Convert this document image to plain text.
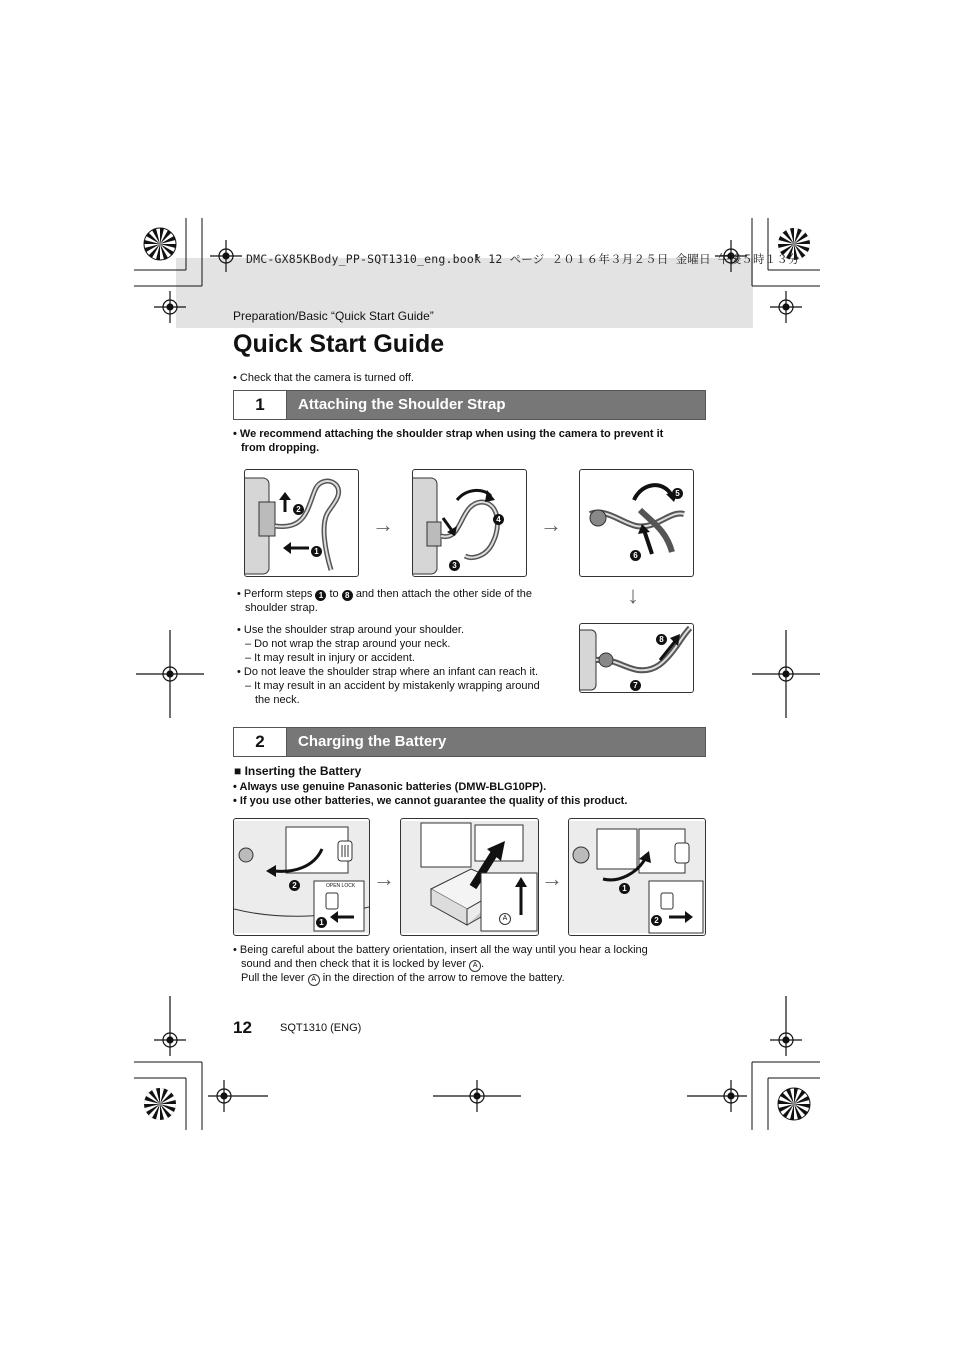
DMC-GX85KBody_PP-SQT1310_eng.book 12 ページ ２０１６年３月２５日 金曜日 午後５時１３分
Preparation/Basic “Quick Start Guide”
Quick Start Guide
• Check that the camera is turned off.
1	Attaching the Shoulder Strap
• We recommend attaching the shoulder strap when using the camera to prevent it
from dropping.
2
1
→	4
3
→
5
6
• Perform steps 1 to 8 and then attach the other side of the
shoulder strap.	↓
• Use the shoulder strap around your shoulder.
– Do not wrap the strap around your neck.
– It may result in injury or accident.
• Do not leave the shoulder strap where an infant can reach it.
– It may result in an accident by mistakenly wrapping around
the neck.
8
7
2	Charging the Battery
■ Inserting the Battery
• Always use genuine Panasonic batteries (DMW-BLG10PP).
• If you use other batteries, we cannot guarantee the quality of this product.
2
1
OPEN LOCK →
A
→	1
2
• Being careful about the battery orientation, insert all the way until you hear a locking
sound and then check that it is locked by lever A .
Pull the lever A in the direction of the arrow to remove the battery.
12	SQT1310 (ENG)
